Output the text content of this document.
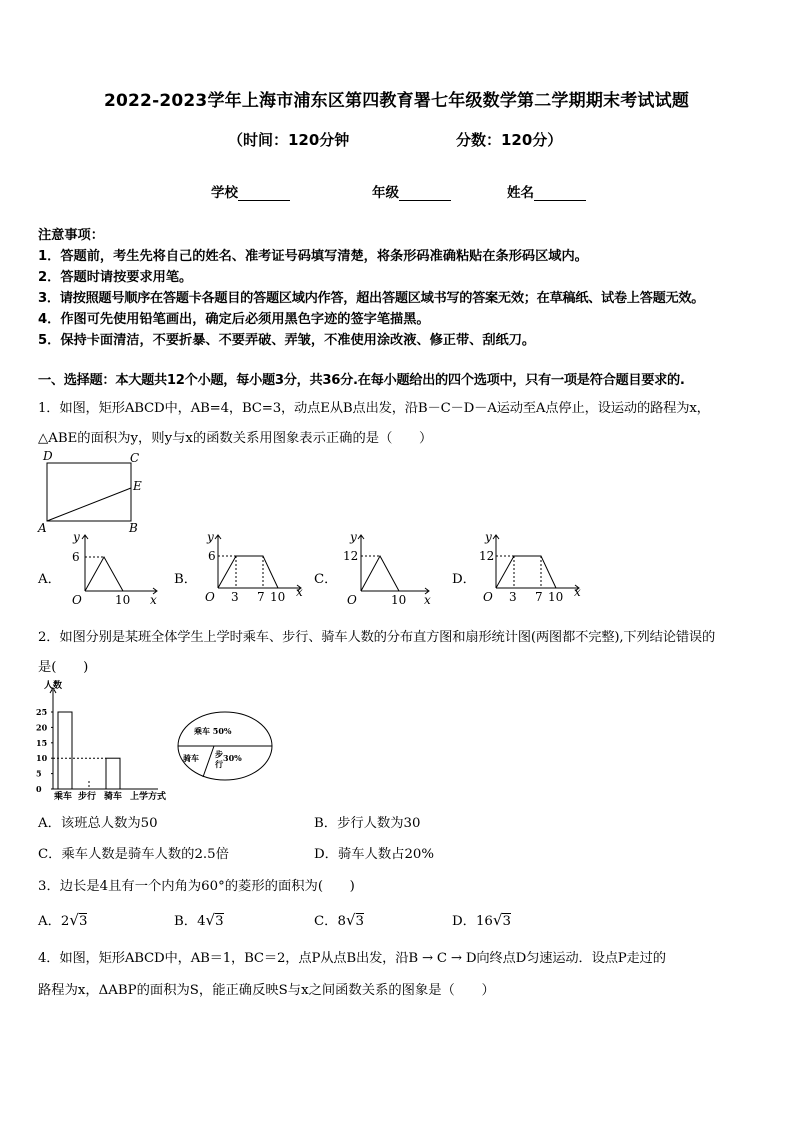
2022-2023学年上海市浦东区第四教育署七年级数学第二学期期末考试试题
（时间：120分钟	分数：120分）
学校	年级	姓名
注意事项：
1．答题前，考生先将自己的姓名、准考证号码填写清楚，将条形码准确粘贴在条形码区域内。
2．答题时请按要求用笔。
3．请按照题号顺序在答题卡各题目的答题区域内作答，超出答题区域书写的答案无效；在草稿纸、试卷上答题无效。
4．作图可先使用铅笔画出，确定后必须用黑色字迹的签字笔描黑。
5．保持卡面清洁，不要折暴、不要弄破、弄皱，不准使用涂改液、修正带、刮纸刀。
一、选择题：本大题共12个小题，每小题3分，共36分.在每小题给出的四个选项中，只有一项是符合题目要求的.
1．如图，矩形ABCD中，AB=4，BC=3，动点E从B点出发，沿B－C－D－A运动至A点停止，设运动的路程为x，
△ABE的面积为y，则y与x的函数关系用图象表示正确的是（　　）
D	C
E
A	B
A．
y
6
O	10 x
B．
y
6
O 3 7 10 x
C．
y
12
O	10 x
D．
y
12
O 3 7 10 x
2．如图分别是某班全体学生上学时乘车、步行、骑车人数的分布直方图和扇形统计图(两图都不完整),下列结论错误的
是(　　)
人数
上学方式
0
5
10
15
20
25
乘车 步行 骑车
乘车 50%
骑车 步
行
30%
A．该班总人数为50	B．步行人数为30
C．乘车人数是骑车人数的2.5倍	D．骑车人数占20%
3．边长是4且有一个内角为60°的菱形的面积为(　　)
A．2√3	B．4√3	C．8√3	D．16√3
4．如图，矩形ABCD中，AB＝1，BC＝2，点P从点B出发，沿B → C → D向终点D匀速运动．设点P走过的
路程为x，ΔABP的面积为S，能正确反映S与x之间函数关系的图象是（　　）
